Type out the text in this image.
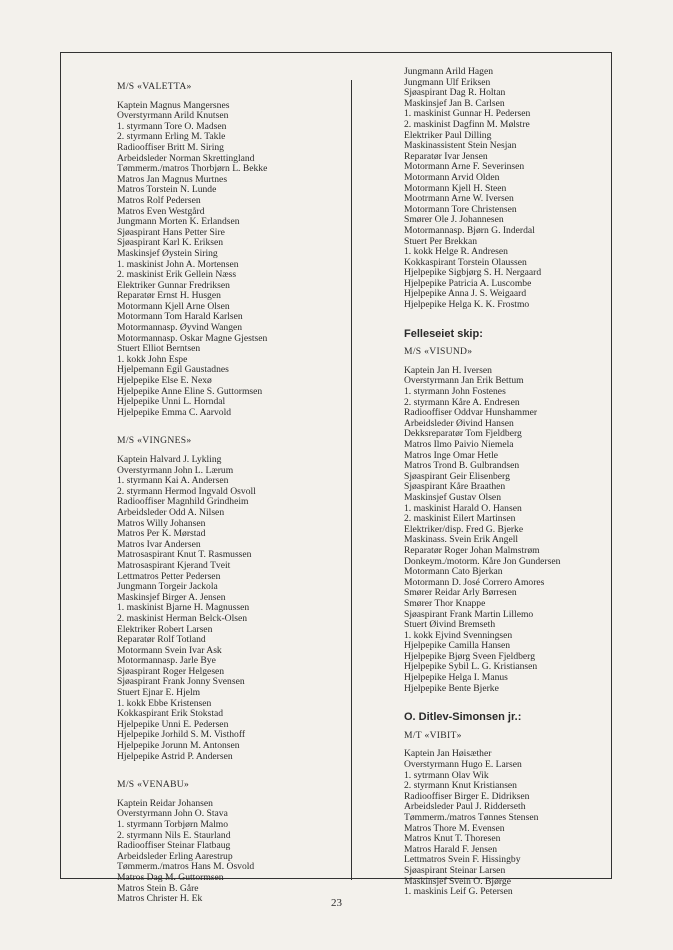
M/S «VALETTA»
Kaptein Magnus Mangersnes
Overstyrmann Arild Knutsen
1. styrmann Tore O. Madsen
2. styrmann Erling M. Takle
Radiooffiser Britt M. Siring
Arbeidsleder Norman Skrettingland
Tømmerm./matros Thorbjørn L. Bekke
Matros Jan Magnus Murtnes
Matros Torstein N. Lunde
Matros Rolf Pedersen
Matros Even Westgård
Jungmann Morten K. Erlandsen
Sjøaspirant Hans Petter Sire
Sjøaspirant Karl K. Eriksen
Maskinsjef Øystein Siring
1. maskinist John A. Mortensen
2. maskinist Erik Gellein Næss
Elektriker Gunnar Fredriksen
Reparatør Ernst H. Husgen
Motormann Kjell Arne Olsen
Motormann Tom Harald Karlsen
Motormannasp. Øyvind Wangen
Motormannasp. Oskar Magne Gjestsen
Stuert Elliot Berntsen
1. kokk John Espe
Hjelpemann Egil Gaustadnes
Hjelpepike Else E. Nexø
Hjelpepike Anne Eline S. Guttormsen
Hjelpepike Unni L. Horndal
Hjelpepike Emma C. Aarvold
M/S «VINGNES»
Kaptein Halvard J. Lykling
Overstyrmann John L. Lærum
1. styrmann Kai A. Andersen
2. styrmann Hermod Ingvald Osvoll
Radiooffiser Magnhild Grindheim
Arbeidsleder Odd A. Nilsen
Matros Willy Johansen
Matros Per K. Mørstad
Matros Ivar Andersen
Matrosaspirant Knut T. Rasmussen
Matrosaspirant Kjerand Tveit
Lettmatros Petter Pedersen
Jungmann Torgeir Jackola
Maskinsjef Birger A. Jensen
1. maskinist Bjarne H. Magnussen
2. maskinist Herman Belck-Olsen
Elektriker Robert Larsen
Reparatør Rolf Totland
Motormann Svein Ivar Ask
Motormannasp. Jarle Bye
Sjøaspirant Roger Helgesen
Sjøaspirant Frank Jonny Svensen
Stuert Ejnar E. Hjelm
1. kokk Ebbe Kristensen
Kokkaspirant Erik Stokstad
Hjelpepike Unni E. Pedersen
Hjelpepike Jorhild S. M. Visthoff
Hjelpepike Jorunn M. Antonsen
Hjelpepike Astrid P. Andersen
M/S «VENABU»
Kaptein Reidar Johansen
Overstyrmann John O. Stava
1. styrmann Torbjørn Malmo
2. styrmann Nils E. Staurland
Radiooffiser Steinar Flatbaug
Arbeidsleder Erling Aarestrup
Tømmerm./matros Hans M. Osvold
Matros Dag M. Guttormsen
Matros Stein B. Gåre
Matros Christer H. Ek
Jungmann Arild Hagen
Jungmann Ulf Eriksen
Sjøaspirant Dag R. Holtan
Maskinsjef Jan B. Carlsen
1. maskinist Gunnar H. Pedersen
2. maskinist Dagfinn M. Mølstre
Elektriker Paul Dilling
Maskinassistent Stein Nesjan
Reparatør Ivar Jensen
Motormann Arne F. Severinsen
Motormann Arvid Olden
Motormann Kjell H. Steen
Mootrmann Arne W. Iversen
Motormann Tore Christensen
Smører Ole J. Johannesen
Motormannasp. Bjørn G. Inderdal
Stuert Per Brekkan
1. kokk Helge R. Andresen
Kokkaspirant Torstein Olaussen
Hjelpepike Sigbjørg S. H. Nergaard
Hjelpepike Patricia A. Luscombe
Hjelpepike Anna J. S. Weigaard
Hjelpepike Helga K. K. Frostmo
Felleseiet skip:
M/S «VISUND»
Kaptein Jan H. Iversen
Overstyrmann Jan Erik Bettum
1. styrmann John Fostenes
2. styrmann Kåre A. Endresen
Radiooffiser Oddvar Hunshammer
Arbeidsleder Øivind Hansen
Dekksreparatør Tom Fjeldberg
Matros Ilmo Paivio Niemela
Matros Inge Omar Hetle
Matros Trond B. Gulbrandsen
Sjøaspirant Geir Elisenberg
Sjøaspirant Kåre Braathen
Maskinsjef Gustav Olsen
1. maskinist Harald O. Hansen
2. maskinist Eilert Martinsen
Elektriker/disp. Fred G. Bjerke
Maskinass. Svein Erik Angell
Reparatør Roger Johan Malmstrøm
Donkeym./motorm. Kåre Jon Gundersen
Motormann Cato Bjerkan
Motormann D. José Correro Amores
Smører Reidar Arly Børresen
Smører Thor Knappe
Sjøaspirant Frank Martin Lillemo
Stuert Øivind Bremseth
1. kokk Ejvind Svenningsen
Hjelpepike Camilla Hansen
Hjelpepike Bjørg Sveen Fjeldberg
Hjelpepike Sybil L. G. Kristiansen
Hjelpepike Helga I. Manus
Hjelpepike Bente Bjerke
O. Ditlev-Simonsen jr.:
M/T «VIBIT»
Kaptein Jan Høisæther
Overstyrmann Hugo E. Larsen
1. sytrmann Olav Wik
2. styrmann Knut Kristiansen
Radiooffiser Birger E. Didriksen
Arbeidsleder Paul J. Ridderseth
Tømmerm./matros Tønnes Stensen
Matros Thore M. Evensen
Matros Knut T. Thoresen
Matros Harald F. Jensen
Lettmatros Svein F. Hissingby
Sjøaspirant Steinar Larsen
Maskinsjef Svein O. Bjørge
1. maskinis Leif G. Petersen
23
